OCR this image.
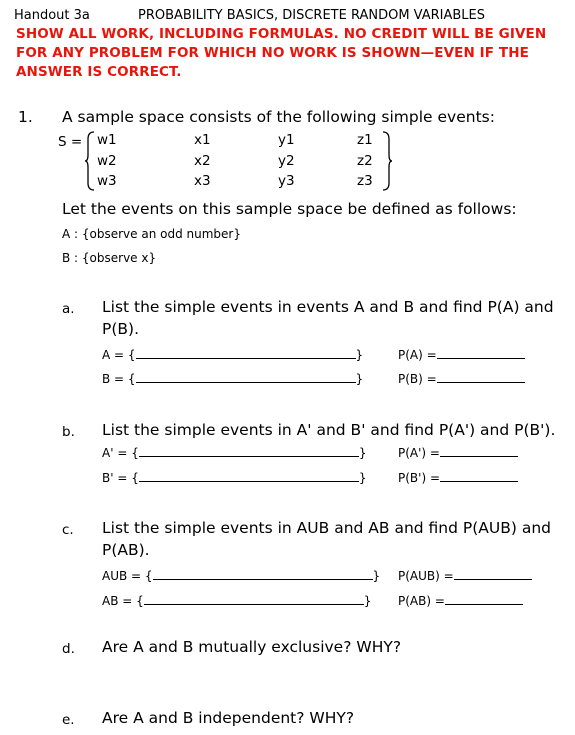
Handout 3a	PROBABILITY BASICS, DISCRETE RANDOM VARIABLES
SHOW ALL WORK, INCLUDING FORMULAS. NO CREDIT WILL BE GIVEN
FOR ANY PROBLEM FOR WHICH NO WORK IS SHOWN—EVEN IF THE
ANSWER IS CORRECT.
1. A sample space consists of the following simple events:
S = w1	x1	y1	z1
w2	x2	y2	z2
w3	x3	y3	z3
Let the events on this sample space be defined as follows:
A : {observe an odd number}
B : {observe x}
a. List the simple events in events A and B and find P(A) and
P(B).
A = {	}	P(A) =
B = {	}	P(B) =
b. List the simple events in A' and B' and find P(A') and P(B').
A' = {	}	P(A') =
B' = {	}	P(B') =
c. List the simple events in AUB and AB and find P(AUB) and
P(AB).
AUB = {	} P(AUB) =
AB = {	} P(AB) =
d. Are A and B mutually exclusive? WHY?
e. Are A and B independent? WHY?
